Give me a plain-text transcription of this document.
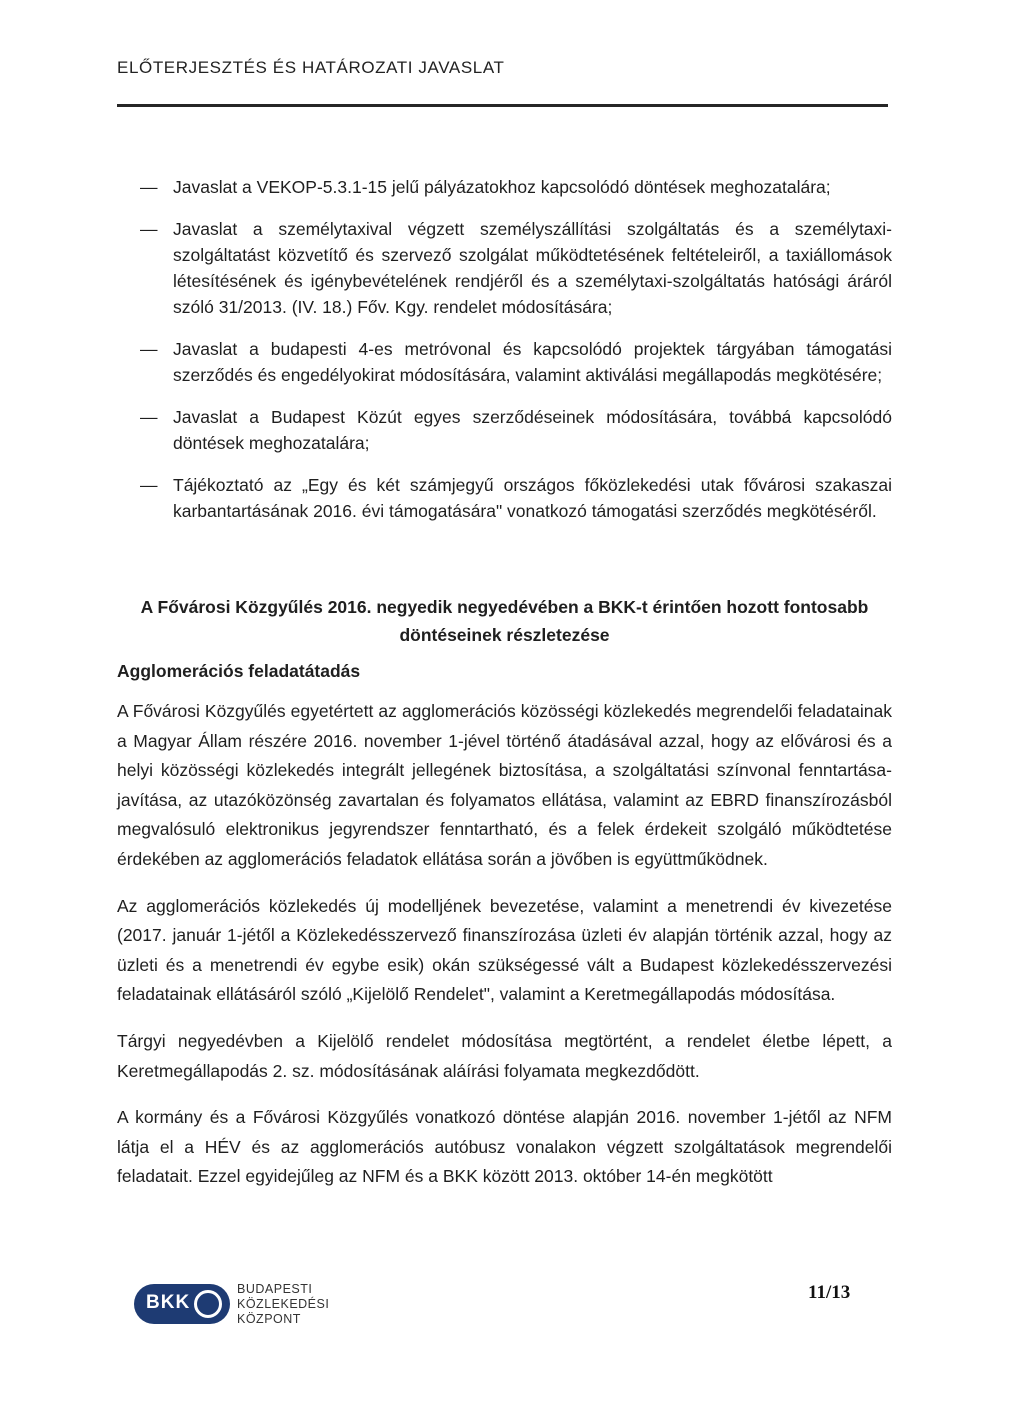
ELŐTERJESZTÉS ÉS HATÁROZATI JAVASLAT
— Javaslat a VEKOP-5.3.1-15 jelű pályázatokhoz kapcsolódó döntések meghozatalára;
— Javaslat a személytaxival végzett személyszállítási szolgáltatás és a személytaxi-szolgáltatást közvetítő és szervező szolgálat működtetésének feltételeiről, a taxiállomások létesítésének és igénybevételének rendjéről és a személytaxi-szolgáltatás hatósági áráról szóló 31/2013. (IV. 18.) Főv. Kgy. rendelet módosítására;
— Javaslat a budapesti 4-es metróvonal és kapcsolódó projektek tárgyában támogatási szerződés és engedélyokirat módosítására, valamint aktiválási megállapodás megkötésére;
— Javaslat a Budapest Közút egyes szerződéseinek módosítására, továbbá kapcsolódó döntések meghozatalára;
— Tájékoztató az „Egy és két számjegyű országos főközlekedési utak fővárosi szakaszai karbantartásának 2016. évi támogatására" vonatkozó támogatási szerződés megkötéséről.
A Fővárosi Közgyűlés 2016. negyedik negyedévében a BKK-t érintően hozott fontosabb döntéseinek részletezése
Agglomerációs feladatátadás

A Fővárosi Közgyűlés egyetértett az agglomerációs közösségi közlekedés megrendelői feladatainak a Magyar Állam részére 2016. november 1-jével történő átadásával azzal, hogy az elővárosi és a helyi közösségi közlekedés integrált jellegének biztosítása, a szolgáltatási színvonal fenntartása-javítása, az utazóközönség zavartalan és folyamatos ellátása, valamint az EBRD finanszírozásból megvalósuló elektronikus jegyrendszer fenntartható, és a felek érdekeit szolgáló működtetése érdekében az agglomerációs feladatok ellátása során a jövőben is együttműködnek.

Az agglomerációs közlekedés új modelljének bevezetése, valamint a menetrendi év kivezetése (2017. január 1-jétől a Közlekedésszervező finanszírozása üzleti év alapján történik azzal, hogy az üzleti és a menetrendi év egybe esik) okán szükségessé vált a Budapest közlekedésszervezési feladatainak ellátásáról szóló „Kijelölő Rendelet", valamint a Keretmegállapodás módosítása.

Tárgyi negyedévben a Kijelölő rendelet módosítása megtörtént, a rendelet életbe lépett, a Keretmegállapodás 2. sz. módosításának aláírási folyamata megkezdődött.

A kormány és a Fővárosi Közgyűlés vonatkozó döntése alapján 2016. november 1-jétől az NFM látja el a HÉV és az agglomerációs autóbusz vonalakon végzett szolgáltatások megrendelői feladatait. Ezzel egyidejűleg az NFM és a BKK között 2013. október 14-én megkötött

BKK
BUDAPESTI
KÖZLEKEDÉSI
KÖZPONT
11/13
